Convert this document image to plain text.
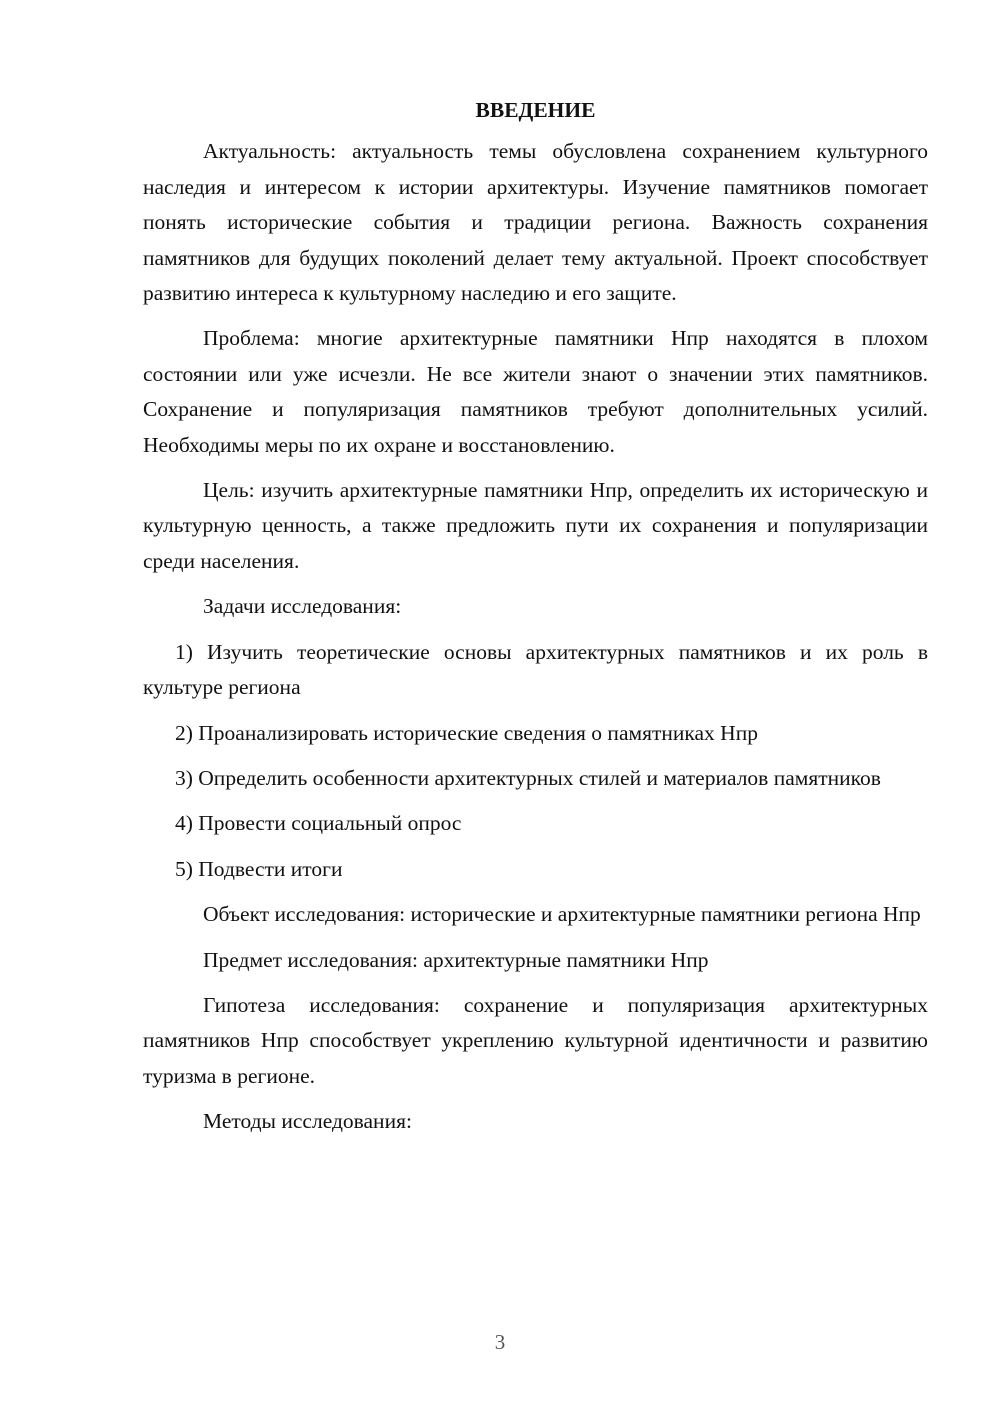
ВВЕДЕНИЕ

Актуальность: актуальность темы обусловлена сохранением культурного наследия и интересом к истории архитектуры. Изучение памятников помогает понять исторические события и традиции региона. Важность сохранения памятников для будущих поколений делает тему актуальной. Проект способствует развитию интереса к культурному наследию и его защите.

Проблема: многие архитектурные памятники Нпр находятся в плохом состоянии или уже исчезли. Не все жители знают о значении этих памятников. Сохранение и популяризация памятников требуют дополнительных усилий. Необходимы меры по их охране и восстановлению.

Цель: изучить архитектурные памятники Нпр, определить их историческую и культурную ценность, а также предложить пути их сохранения и популяризации среди населения.

Задачи исследования:

1) Изучить теоретические основы архитектурных памятников и их роль в культуре региона

2) Проанализировать исторические сведения о памятниках Нпр

3) Определить особенности архитектурных стилей и материалов памятников

4) Провести социальный опрос

5) Подвести итоги

Объект исследования: исторические и архитектурные памятники региона Нпр

Предмет исследования: архитектурные памятники Нпр

Гипотеза исследования: сохранение и популяризация архитектурных памятников Нпр способствует укреплению культурной идентичности и развитию туризма в регионе.

Методы исследования:

3
